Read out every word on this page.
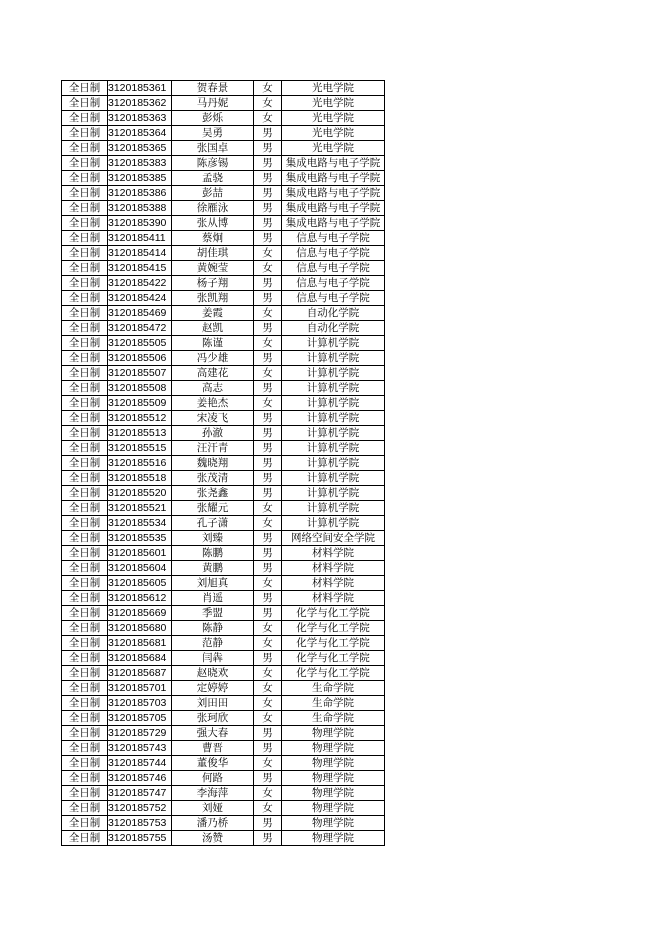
全日制	3120185361	贺春景	女	光电学院
全日制	3120185362	马丹妮	女	光电学院
全日制	3120185363	彭烁	女	光电学院
全日制	3120185364	吴勇	男	光电学院
全日制	3120185365	张国卓	男	光电学院
全日制	3120185383	陈彦锡	男	集成电路与电子学院
全日制	3120185385	孟骁	男	集成电路与电子学院
全日制	3120185386	彭喆	男	集成电路与电子学院
全日制	3120185388	徐雁泳	男	集成电路与电子学院
全日制	3120185390	张从博	男	集成电路与电子学院
全日制	3120185411	蔡炯	男	信息与电子学院
全日制	3120185414	胡佳琪	女	信息与电子学院
全日制	3120185415	黄婉莹	女	信息与电子学院
全日制	3120185422	杨子翔	男	信息与电子学院
全日制	3120185424	张凯翔	男	信息与电子学院
全日制	3120185469	姜霞	女	自动化学院
全日制	3120185472	赵凯	男	自动化学院
全日制	3120185505	陈谨	女	计算机学院
全日制	3120185506	冯少雄	男	计算机学院
全日制	3120185507	高建花	女	计算机学院
全日制	3120185508	高志	男	计算机学院
全日制	3120185509	姜艳杰	女	计算机学院
全日制	3120185512	宋凌飞	男	计算机学院
全日制	3120185513	孙澈	男	计算机学院
全日制	3120185515	汪汗青	男	计算机学院
全日制	3120185516	魏晓翔	男	计算机学院
全日制	3120185518	张茂清	男	计算机学院
全日制	3120185520	张尧鑫	男	计算机学院
全日制	3120185521	张耀元	女	计算机学院
全日制	3120185534	孔子潇	女	计算机学院
全日制	3120185535	刘臻	男	网络空间安全学院
全日制	3120185601	陈鹏	男	材料学院
全日制	3120185604	黄鹏	男	材料学院
全日制	3120185605	刘旭真	女	材料学院
全日制	3120185612	肖遥	男	材料学院
全日制	3120185669	季盟	男	化学与化工学院
全日制	3120185680	陈静	女	化学与化工学院
全日制	3120185681	范静	女	化学与化工学院
全日制	3120185684	闫犇	男	化学与化工学院
全日制	3120185687	赵晓欢	女	化学与化工学院
全日制	3120185701	定婷婷	女	生命学院
全日制	3120185703	刘田田	女	生命学院
全日制	3120185705	张珂欣	女	生命学院
全日制	3120185729	强大春	男	物理学院
全日制	3120185743	曹晋	男	物理学院
全日制	3120185744	董俊华	女	物理学院
全日制	3120185746	何路	男	物理学院
全日制	3120185747	李海萍	女	物理学院
全日制	3120185752	刘娅	女	物理学院
全日制	3120185753	潘乃桥	男	物理学院
全日制	3120185755	汤赞	男	物理学院
